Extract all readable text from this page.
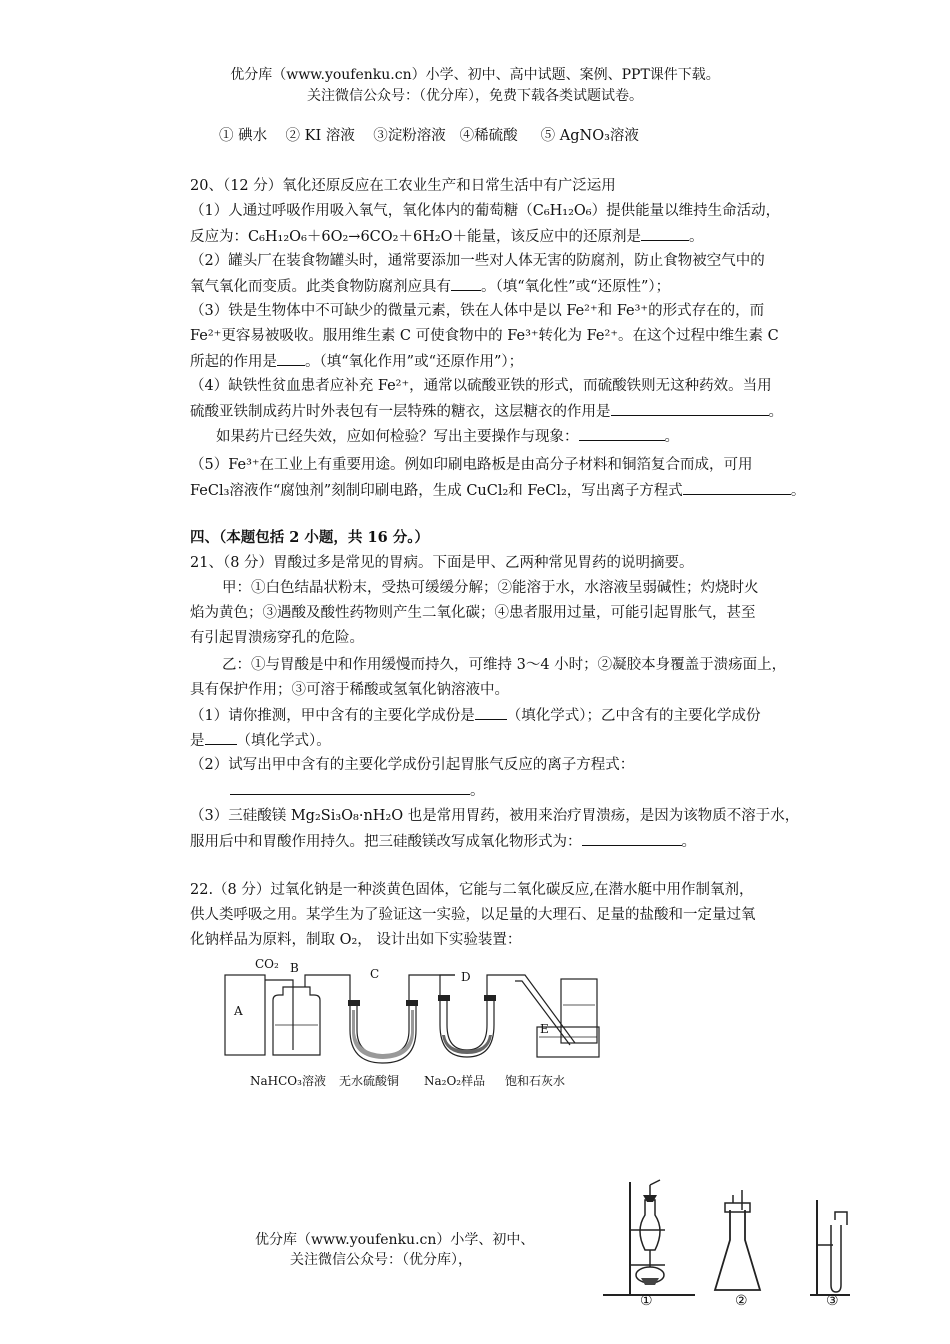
优分库（www.youfenku.cn）小学、初中、高中试题、案例、PPT课件下载。
关注微信公众号：（优分库），免费下载各类试题试卷。
① 碘水 ② KI 溶液 ③淀粉溶液 ④稀硫酸 ⑤ AgNO₃溶液
20、（12 分）氧化还原反应在工农业生产和日常生活中有广泛运用
（1）人通过呼吸作用吸入氧气，氧化体内的葡萄糖（C₆H₁₂O₆）提供能量以维持生命活动，
反应为：C₆H₁₂O₆＋6O₂→6CO₂＋6H₂O＋能量，该反应中的还原剂是	。
（2）罐头厂在装食物罐头时，通常要添加一些对人体无害的防腐剂，防止食物被空气中的
氧气氧化而变质。此类食物防腐剂应具有 。（填“氧化性”或“还原性”）；
（3）铁是生物体中不可缺少的微量元素，铁在人体中是以 Fe²⁺和 Fe³⁺的形式存在的，而
Fe²⁺更容易被吸收。服用维生素 C 可使食物中的 Fe³⁺转化为 Fe²⁺。在这个过程中维生素 C
所起的作用是 。（填“氧化作用”或“还原作用”）；
（4）缺铁性贫血患者应补充 Fe²⁺，通常以硫酸亚铁的形式，而硫酸铁则无这种药效。当用
硫酸亚铁制成药片时外表包有一层特殊的糖衣，这层糖衣的作用是	。
如果药片已经失效，应如何检验？写出主要操作与现象：	。
（5）Fe³⁺在工业上有重要用途。例如印刷电路板是由高分子材料和铜箔复合而成，可用
FeCl₃溶液作“腐蚀剂”刻制印刷电路，生成 CuCl₂和 FeCl₂，写出离子方程式	。
四、（本题包括 2 小题，共 16 分。）
21、（8 分）胃酸过多是常见的胃病。下面是甲、乙两种常见胃药的说明摘要。
甲：①白色结晶状粉末，受热可缓缓分解；②能溶于水，水溶液呈弱碱性；灼烧时火
焰为黄色；③遇酸及酸性药物则产生二氧化碳；④患者服用过量，可能引起胃胀气，甚至
有引起胃溃疡穿孔的危险。
乙：①与胃酸是中和作用缓慢而持久，可维持 3～4 小时；②凝胶本身覆盖于溃疡面上，
具有保护作用；③可溶于稀酸或氢氧化钠溶液中。
（1）请你推测，甲中含有的主要化学成份是 （填化学式）；乙中含有的主要化学成份
是 （填化学式）。
（2）试写出甲中含有的主要化学成份引起胃胀气反应的离子方程式：
。
（3）三硅酸镁 Mg₂Si₃O₈·nH₂O 也是常用胃药，被用来治疗胃溃疡，是因为该物质不溶于水，
服用后中和胃酸作用持久。把三硅酸镁改写成氧化物形式为：	。
22.（8 分）过氧化钠是一种淡黄色固体，它能与二氧化碳反应,在潜水艇中用作制氧剂，
供人类呼吸之用。某学生为了验证这一实验，以足量的大理石、足量的盐酸和一定量过氧
化钠样品为原料，制取 O₂， 设计出如下实验装置：
CO₂ B
A
C	D
E
NaHCO₃溶液 无水硫酸铜 Na₂O₂样品 饱和石灰水
优分库（www.youfenku.cn）小学、初中、
关注微信公众号：（优分库），
①	②	③
